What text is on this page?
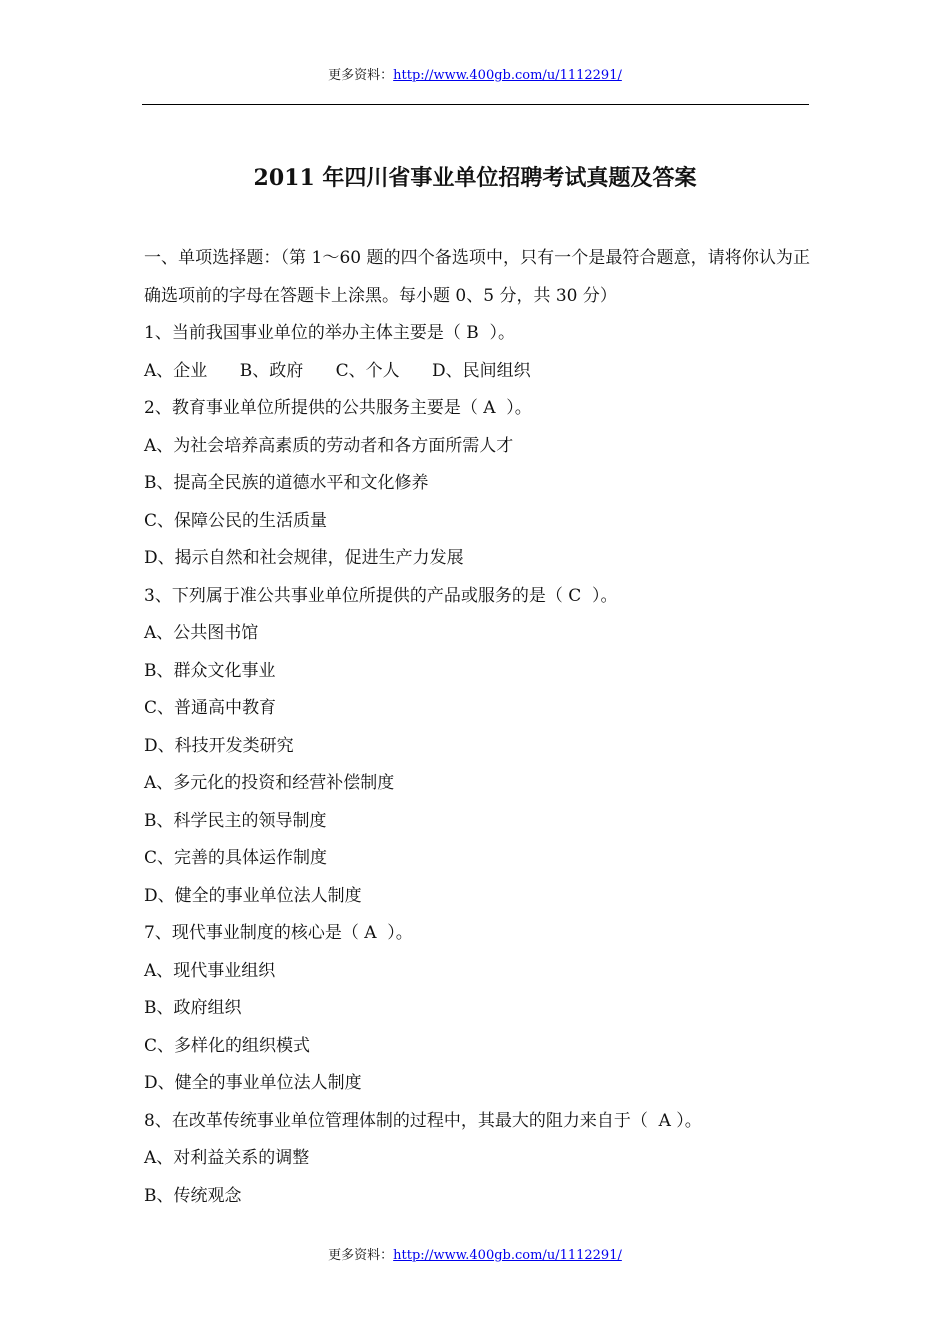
更多资料：http://www.400gb.com/u/1112291/
2011 年四川省事业单位招聘考试真题及答案

一、单项选择题：（第 1～60 题的四个备选项中，只有一个是最符合题意，请将你认为正确选项前的字母在答题卡上涂黑。每小题 0、5 分，共 30 分）

1、当前我国事业单位的举办主体主要是（ B  ）。

A、企业      B、政府      C、个人      D、民间组织

2、教育事业单位所提供的公共服务主要是（ A  ）。

A、为社会培养高素质的劳动者和各方面所需人才

B、提高全民族的道德水平和文化修养

C、保障公民的生活质量

D、揭示自然和社会规律，促进生产力发展

3、下列属于准公共事业单位所提供的产品或服务的是（ C  ）。

A、公共图书馆

B、群众文化事业

C、普通高中教育

D、科技开发类研究

A、多元化的投资和经营补偿制度

B、科学民主的领导制度

C、完善的具体运作制度

D、健全的事业单位法人制度

7、现代事业制度的核心是（ A  ）。

A、现代事业组织

B、政府组织

C、多样化的组织模式

D、健全的事业单位法人制度

8、在改革传统事业单位管理体制的过程中，其最大的阻力来自于（  A ）。

A、对利益关系的调整

B、传统观念

更多资料：http://www.400gb.com/u/1112291/
